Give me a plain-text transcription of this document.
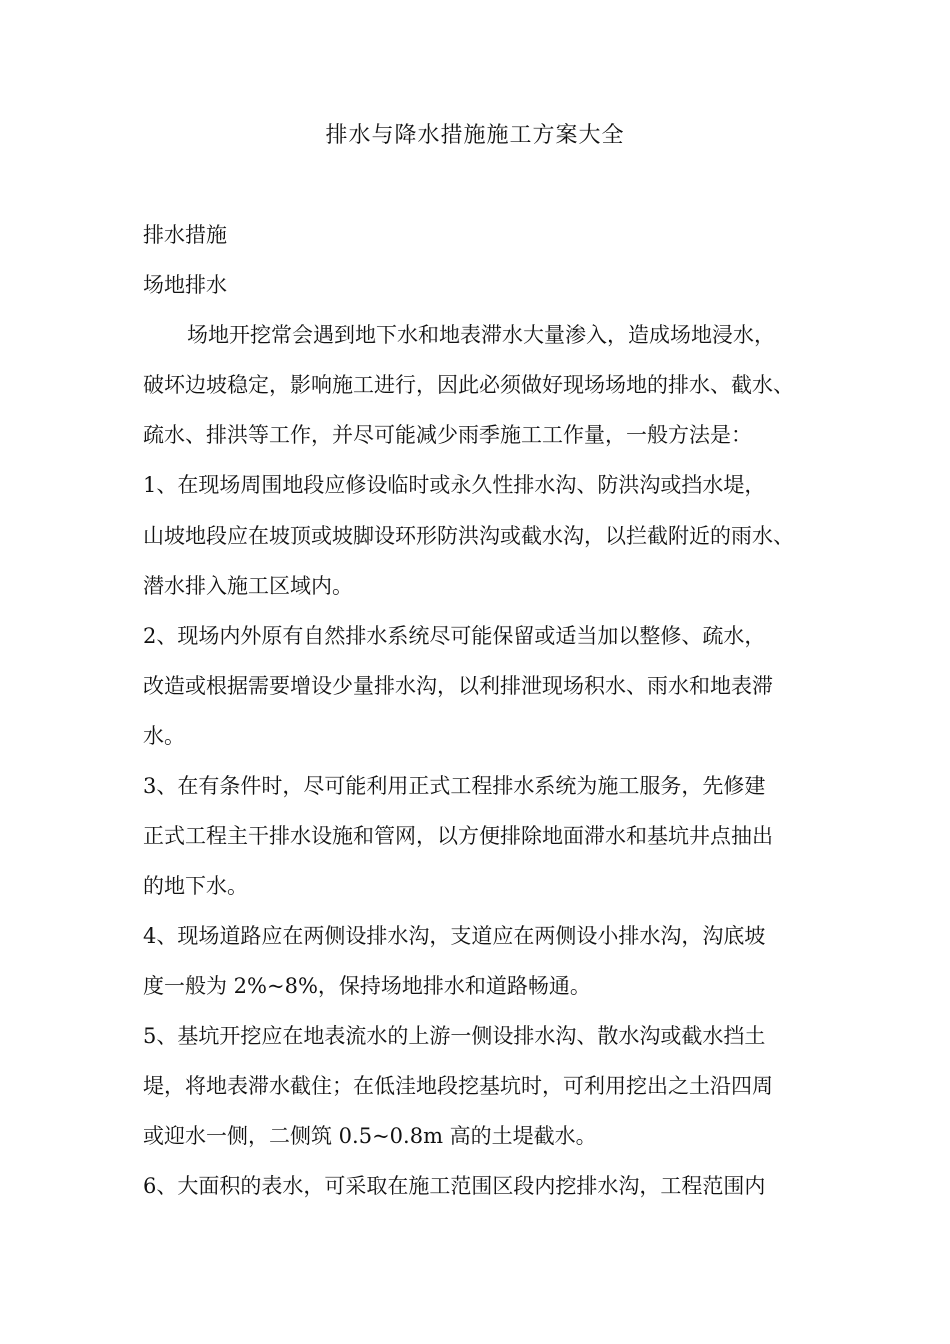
排水与降水措施施工方案大全
排水措施
场地排水
场地开挖常会遇到地下水和地表滞水大量渗入，造成场地浸水，
破坏边坡稳定，影响施工进行，因此必须做好现场场地的排水、截水、
疏水、排洪等工作，并尽可能减少雨季施工工作量，一般方法是：
1、在现场周围地段应修设临时或永久性排水沟、防洪沟或挡水堤，
山坡地段应在坡顶或坡脚设环形防洪沟或截水沟，以拦截附近的雨水、
潜水排入施工区域内。
2、现场内外原有自然排水系统尽可能保留或适当加以整修、疏水，
改造或根据需要增设少量排水沟，以利排泄现场积水、雨水和地表滞
水。
3、在有条件时，尽可能利用正式工程排水系统为施工服务，先修建
正式工程主干排水设施和管网，以方便排除地面滞水和基坑井点抽出
的地下水。
4、现场道路应在两侧设排水沟，支道应在两侧设小排水沟，沟底坡
度一般为 2%~8%，保持场地排水和道路畅通。
5、基坑开挖应在地表流水的上游一侧设排水沟、散水沟或截水挡土
堤，将地表滞水截住；在低洼地段挖基坑时，可利用挖出之土沿四周
或迎水一侧，二侧筑 0.5~0.8m 高的土堤截水。
6、大面积的表水，可采取在施工范围区段内挖排水沟，工程范围内
